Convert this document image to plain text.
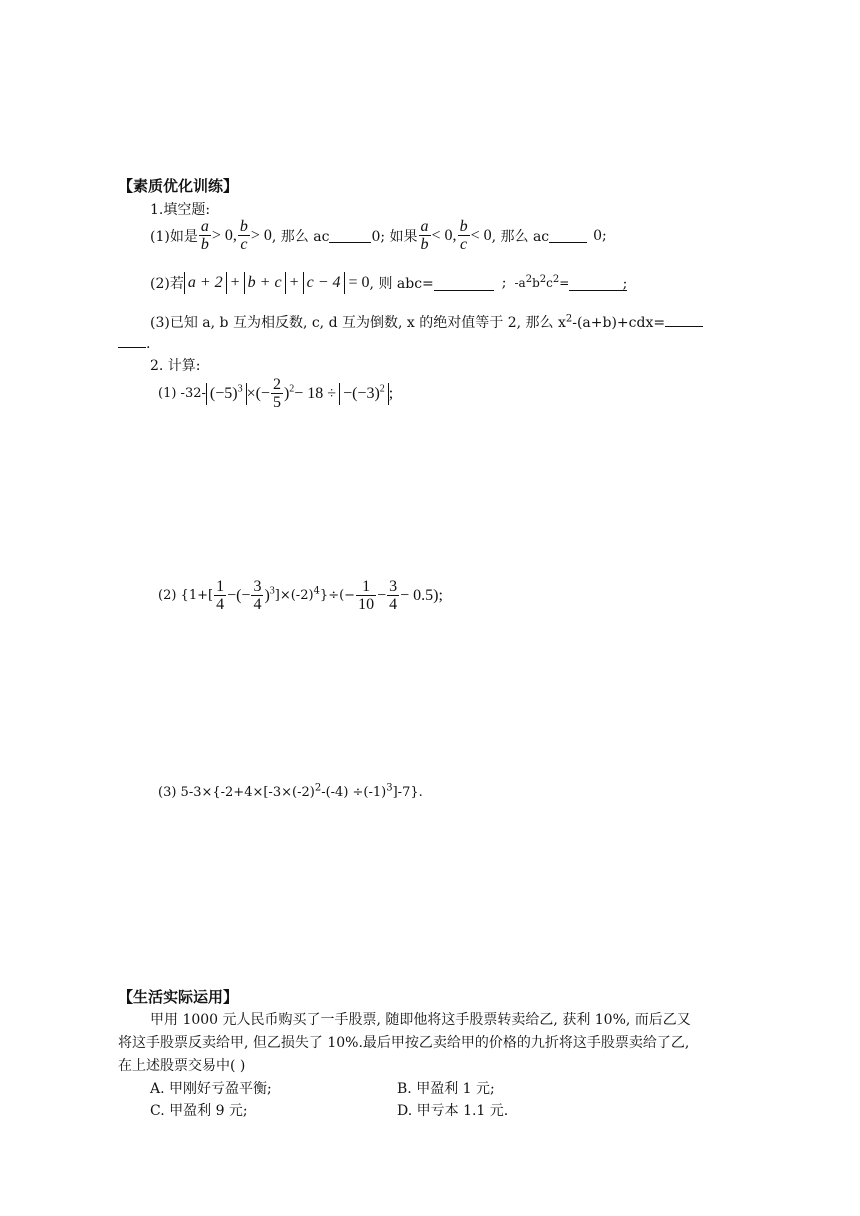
【素质优化训练】
1.填空题:
(1)如是 $\frac{a}{b} > 0$, $\frac{b}{c} > 0$ , 那么 ac	0; 如果 $\frac{a}{b} < 0$, $\frac{b}{c} < 0$ , 那么 ac	0;
(2)若 a + 2 + b + c + c − 4 = 0 , 则 abc=	; $-a^2b^2c^2=$	;
(3)已知 a, b 互为相反数, c, d 互为倒数, x 的绝对值等于 2, 那么 $x^2-(a+b)+cdx=$
.
2. 计算:
(1) -32- $(-5)^3$ ×(− $\frac{2}{5} )^2 - 18 \div -(-3)^2$ ;
(2) {$1+[ \frac{1}{4}$ −(− $\frac{3}{4} )^3$ ]$\times(-2)^4$ }÷(− $\frac{1}{10} - \frac{3}{4} - 0.5$);
(3) $5-3\times\{-2+4\times[-3\times(-2)^2-(-4) \div(-1)^3]-7\}$.
【生活实际运用】
甲用 1000 元人民币购买了一手股票, 随即他将这手股票转卖给乙, 获利 10%, 而后乙又
将这手股票反卖给甲, 但乙损失了 10%.最后甲按乙卖给甲的价格的九折将这手股票卖给了乙,
在上述股票交易中( )
A. 甲刚好亏盈平衡;	B. 甲盈利 1 元;
C. 甲盈利 9 元;	D. 甲亏本 1.1 元.
